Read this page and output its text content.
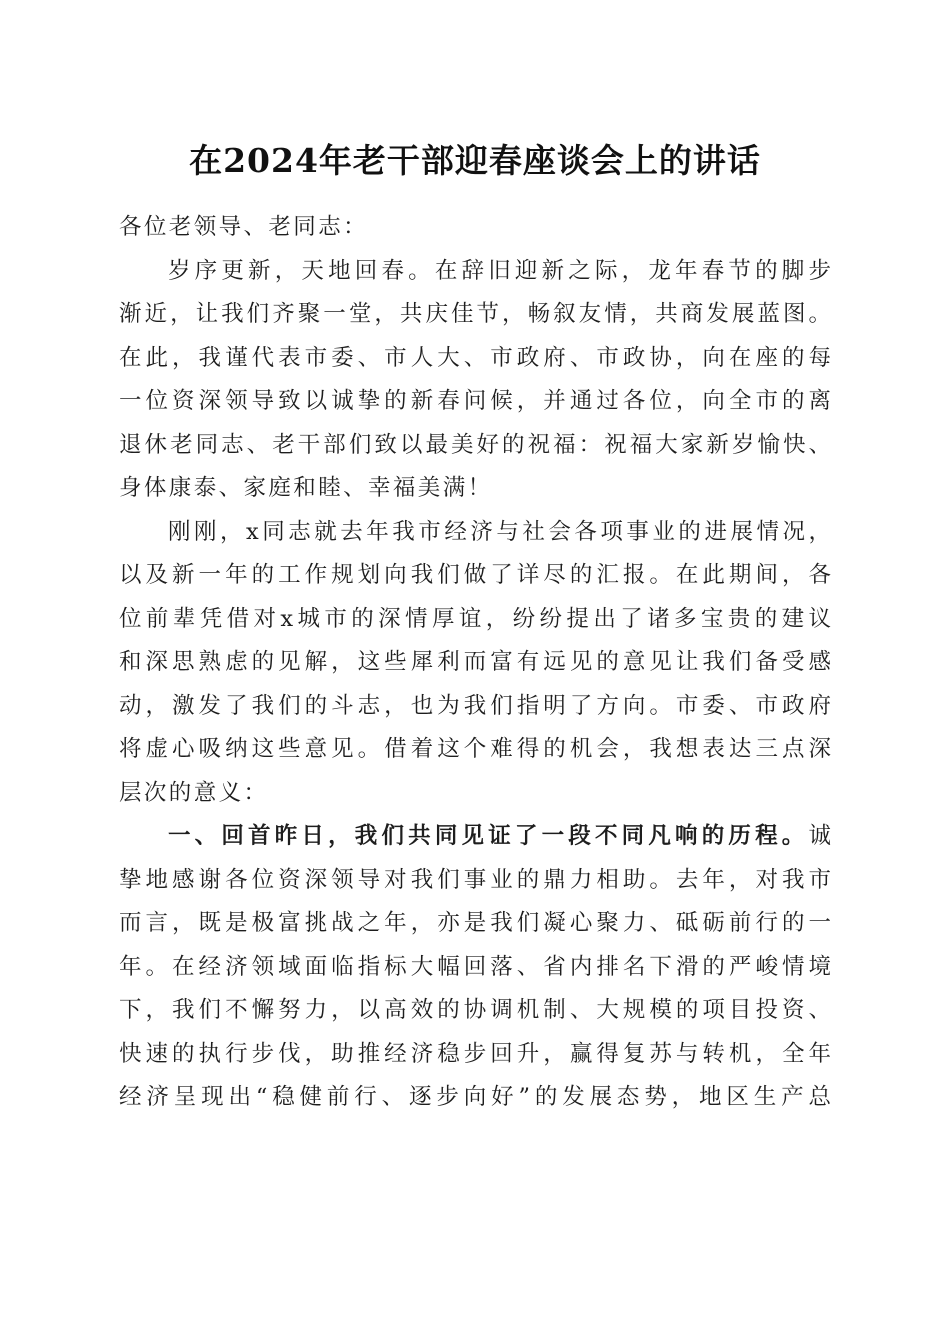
在2024年老干部迎春座谈会上的讲话
各位老领导、老同志：
岁序更新，天地回春。在辞旧迎新之际，龙年春节的脚步
渐近，让我们齐聚一堂，共庆佳节，畅叙友情，共商发展蓝图。
在此，我谨代表市委、市人大、市政府、市政协，向在座的每
一位资深领导致以诚挚的新春问候，并通过各位，向全市的离
退休老同志、老干部们致以最美好的祝福：祝福大家新岁愉快、
身体康泰、家庭和睦、幸福美满！
刚刚，x同志就去年我市经济与社会各项事业的进展情况，
以及新一年的工作规划向我们做了详尽的汇报。在此期间，各
位前辈凭借对x城市的深情厚谊，纷纷提出了诸多宝贵的建议
和深思熟虑的见解，这些犀利而富有远见的意见让我们备受感
动，激发了我们的斗志，也为我们指明了方向。市委、市政府
将虚心吸纳这些意见。借着这个难得的机会，我想表达三点深
层次的意义：
一、回首昨日，我们共同见证了一段不同凡响的历程。诚
挚地感谢各位资深领导对我们事业的鼎力相助。去年，对我市
而言，既是极富挑战之年，亦是我们凝心聚力、砥砺前行的一
年。在经济领域面临指标大幅回落、省内排名下滑的严峻情境
下，我们不懈努力，以高效的协调机制、大规模的项目投资、
快速的执行步伐，助推经济稳步回升，赢得复苏与转机，全年
经济呈现出“稳健前行、逐步向好”的发展态势，地区生产总
